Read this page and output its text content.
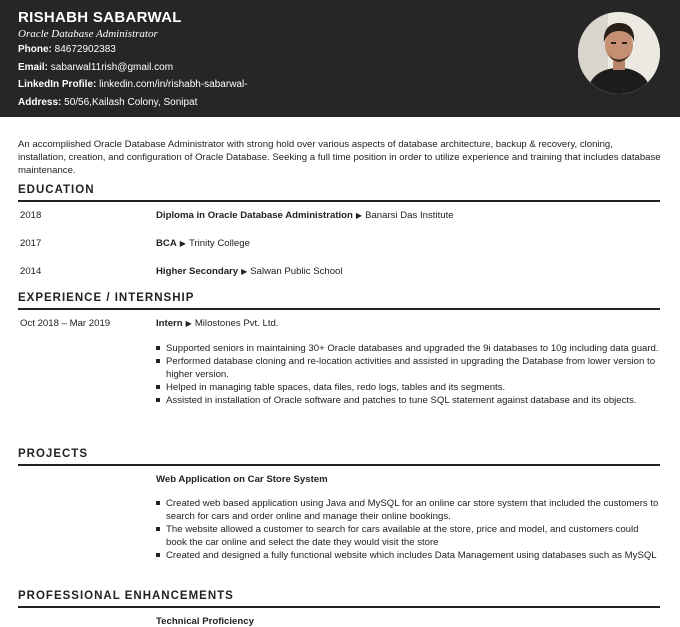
RISHABH SABARWAL
Oracle Database Administrator
Phone: 84672902383
Email: sabarwal11rish@gmail.com
LinkedIn Profile: linkedin.com/in/rishabh-sabarwal-
Address: 50/56,Kailash Colony, Sonipat
An accomplished Oracle Database Administrator with strong hold over various aspects of database architecture, backup & recovery, cloning, installation, creation, and configuration of Oracle Database. Seeking a full time position in order to utilize experience and training that includes database maintenance.
EDUCATION
2018	Diploma in Oracle Database Administration ▶ Banarsi Das Institute
2017	BCA ▶ Trinity College
2014	Higher Secondary ▶ Salwan Public School
EXPERIENCE / INTERNSHIP
Oct 2018 – Mar 2019	Intern ▶ Milostones Pvt. Ltd.
Supported seniors in maintaining 30+ Oracle databases and upgraded the 9i databases to 10g including data guard.
Performed database cloning and re-location activities and assisted in upgrading the Database from lower version to higher version.
Helped in managing table spaces, data files, redo logs, tables and its segments.
Assisted in installation of Oracle software and patches to tune SQL statement against database and its objects.
PROJECTS
Web Application on Car Store System
Created web based application using Java and MySQL for an online car store system that included the customers to search for cars and order online and manage their online bookings.
The website allowed a customer to search for cars available at the store, price and model, and customers could book the car online and select the date they would visit the store
Created and designed a fully functional website which includes Data Management using databases such as MySQL
PROFESSIONAL ENHANCEMENTS
Technical Proficiency
